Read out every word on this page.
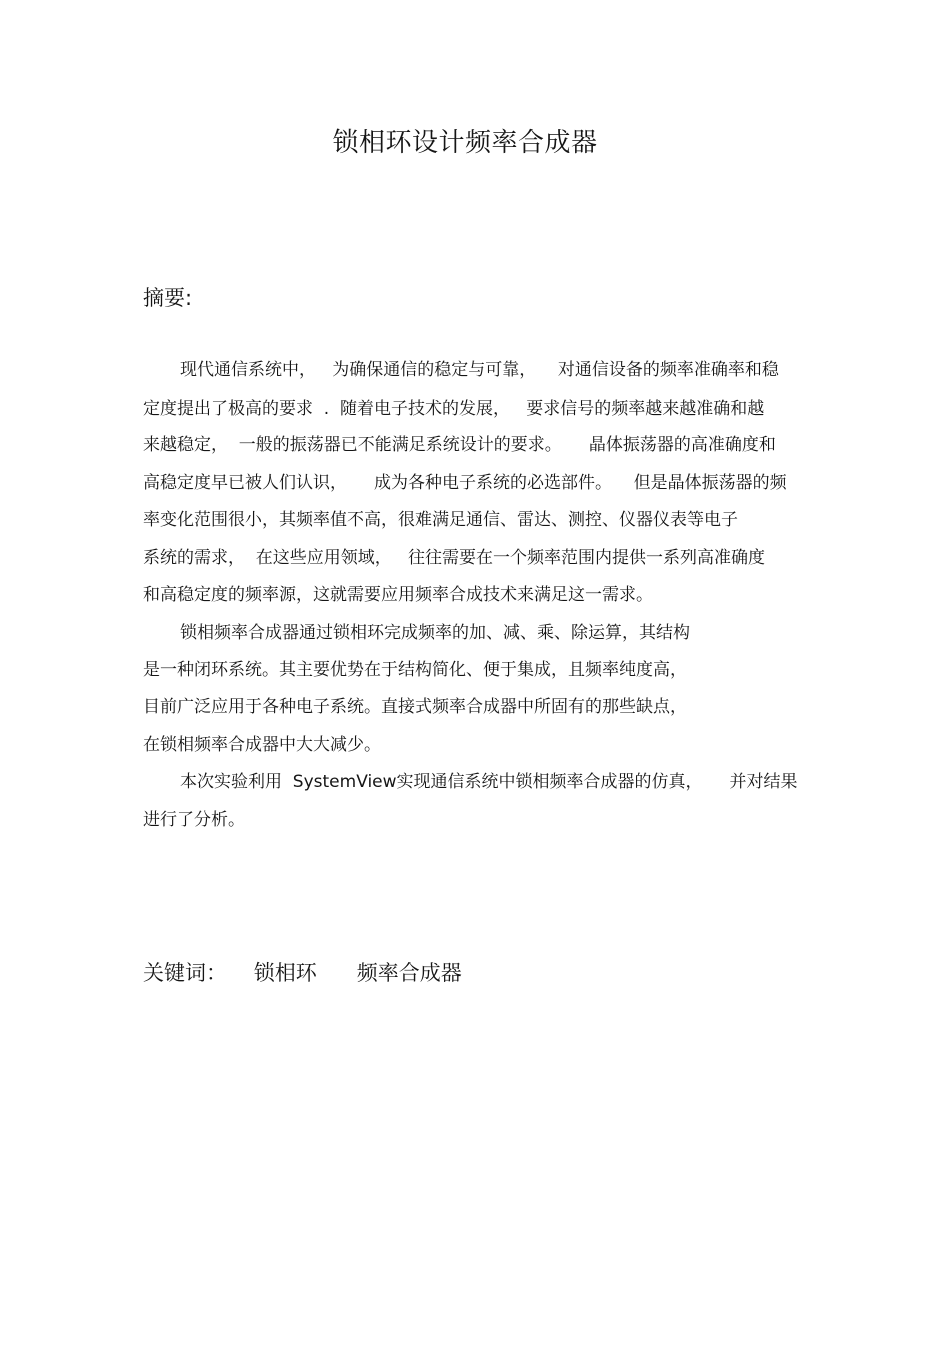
锁相环设计频率合成器
摘要:
现代通信系统中，   为确保通信的稳定与可靠，    对通信设备的频率准确率和稳
定度提出了极高的要求  .  随着电子技术的发展，   要求信号的频率越来越准确和越
来越稳定，  一般的振荡器已不能满足系统设计的要求。     晶体振荡器的高准确度和
高稳定度早已被人们认识，     成为各种电子系统的必选部件。    但是晶体振荡器的频
率变化范围很小，其频率值不高，很难满足通信、雷达、测控、仪器仪表等电子
系统的需求，  在这些应用领域，   往往需要在一个频率范围内提供一系列高准确度
和高稳定度的频率源，这就需要应用频率合成技术来满足这一需求。
锁相频率合成器通过锁相环完成频率的加、减、乘、除运算，其结构
是一种闭环系统。其主要优势在于结构简化、便于集成，且频率纯度高，
目前广泛应用于各种电子系统。直接式频率合成器中所固有的那些缺点，
在锁相频率合成器中大大减少。
本次实验利用  SystemView实现通信系统中锁相频率合成器的仿真，     并对结果
进行了分析。
关键词：    锁相环      频率合成器
